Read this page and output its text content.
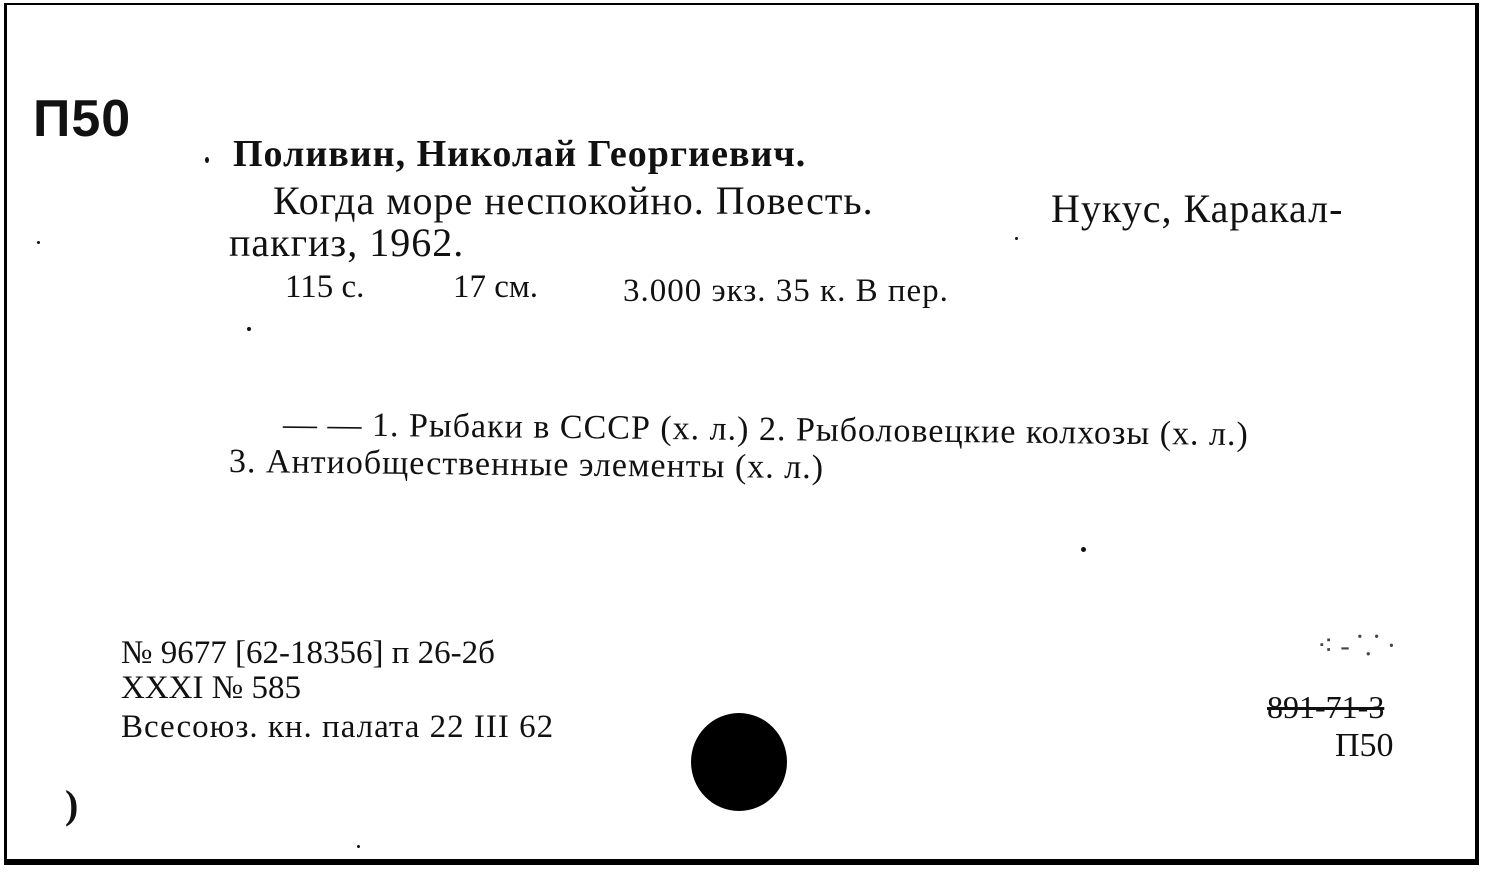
П50
Поливин, Николай Георгиевич.
Когда море неспокойно. Повесть.	Нукус, Каракал-
пакгиз, 1962.
115 с.	17 см.	3.000 экз. 35 к. В пер.
— — 1. Рыбаки в СССР (х. л.) 2. Рыболовецкие колхозы (х. л.)
3. Антиобщественные элементы (х. л.)
№ 9677 [62-18356] п 26-2б
XXXI № 585
Всесоюз. кн. палата 22 III 62
⁖ ‐ ⸪ ·
891-71-3
П50
)
